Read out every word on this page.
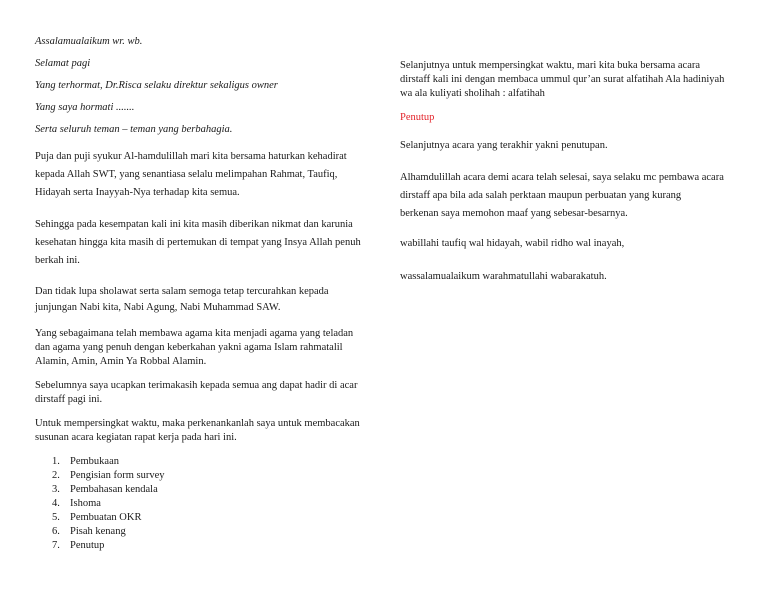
Assalamualaikum wr. wb.
Selamat pagi
Yang terhormat, Dr.Risca selaku direktur sekaligus owner
Yang saya hormati .......
Serta seluruh teman – teman yang berbahagia.
Puja dan puji syukur Al-hamdulillah mari kita bersama haturkan kehadirat
kepada Allah SWT, yang senantiasa selalu melimpahan Rahmat, Taufiq,
Hidayah serta Inayyah-Nya terhadap kita semua.
Sehingga pada kesempatan kali ini kita masih diberikan nikmat dan karunia
kesehatan hingga kita masih di pertemukan di tempat yang Insya Allah penuh
berkah ini.
Dan tidak lupa sholawat serta salam semoga tetap tercurahkan kepada
junjungan Nabi kita, Nabi Agung, Nabi Muhammad SAW.
Yang sebagaimana telah membawa agama kita menjadi agama yang teladan
dan agama yang penuh dengan keberkahan yakni agama Islam rahmatalil
Alamin, Amin, Amin Ya Robbal Alamin.
Sebelumnya saya ucapkan terimakasih kepada semua ang dapat hadir di acar
dirstaff pagi ini.
Untuk mempersingkat waktu, maka perkenankanlah saya untuk membacakan
susunan acara kegiatan rapat kerja pada hari ini.
1. Pembukaan
2. Pengisian form survey
3. Pembahasan kendala
4. Ishoma
5. Pembuatan OKR
6. Pisah kenang
7. Penutup
Selanjutnya untuk mempersingkat waktu, mari kita buka bersama acara
dirstaff kali ini dengan membaca ummul qur’an surat alfatihah Ala hadiniyah
wa ala kuliyati sholihah : alfatihah
Penutup
Selanjutnya acara yang terakhir yakni penutupan.
Alhamdulillah acara demi acara telah selesai, saya selaku mc pembawa acara
dirstaff apa bila ada salah perktaan maupun perbuatan yang kurang
berkenan saya memohon maaf yang sebesar-besarnya.
wabillahi taufiq wal hidayah, wabil ridho wal inayah,
wassalamualaikum warahmatullahi wabarakatuh.
